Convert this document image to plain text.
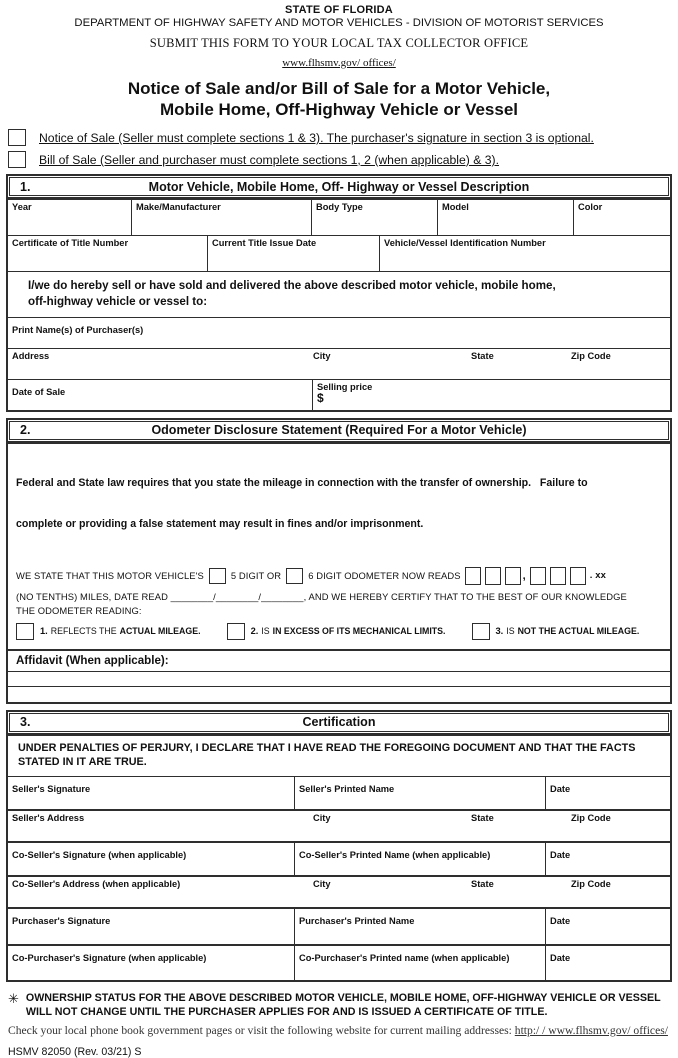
STATE OF FLORIDA
DEPARTMENT OF HIGHWAY SAFETY AND MOTOR VEHICLES - DIVISION OF MOTORIST SERVICES
SUBMIT THIS FORM TO YOUR LOCAL TAX COLLECTOR OFFICE
www.flhsmv.gov/ offices/
Notice of Sale and/or Bill of Sale for a Motor Vehicle,
Mobile Home, Off-Highway Vehicle or Vessel
Notice of Sale (Seller must complete sections 1 & 3). The purchaser's signature in section 3 is optional.
Bill of Sale (Seller and purchaser must complete sections 1, 2 (when applicable) & 3).
Motor Vehicle, Mobile Home, Off- Highway or Vessel Description
1.
Year	Make/Manufacturer	Body Type	Model	Color
Certificate of Title Number	Current Title Issue Date	Vehicle/Vessel Identification Number
I/we do hereby sell or have sold and delivered the above described motor vehicle, mobile home,
off-highway vehicle or vessel to:
Print Name(s) of Purchaser(s)
Address	City	State	Zip Code
Date of Sale	Selling price
$
Odometer Disclosure Statement (Required For a Motor Vehicle)
2.

Federal and State law requires that you state the mileage in connection with the transfer of ownership.   Failure to

complete or providing a false statement may result in fines and/or imprisonment.

WE STATE THAT THIS MOTOR VEHICLE'S	5 DIGIT OR	6 DIGIT ODOMETER NOW READS	,	. xx
(NO TENTHS) MILES, DATE READ ________/________/________, AND WE HEREBY CERTIFY THAT TO THE BEST OF OUR KNOWLEDGE
THE ODOMETER READING:
1. REFLECTS THE ACTUAL MILEAGE.	2. IS IN EXCESS OF ITS MECHANICAL LIMITS.	3. IS NOT THE ACTUAL MILEAGE.
Affidavit (When applicable):
Certification
3.
UNDER PENALTIES OF PERJURY, I DECLARE THAT I HAVE READ THE FOREGOING DOCUMENT AND THAT THE FACTS
STATED IN IT ARE TRUE.
Seller's Signature	Seller's Printed Name	Date
Seller's Address	City	State	Zip Code
Co-Seller's Signature (when applicable)	Co-Seller's Printed Name (when applicable)	Date
Co-Seller's Address (when applicable)	City	State	Zip Code
Purchaser's Signature	Purchaser's Printed Name	Date
Co-Purchaser's Signature (when applicable)	Co-Purchaser's Printed name (when applicable)	Date
✳ OWNERSHIP STATUS FOR THE ABOVE DESCRIBED MOTOR VEHICLE, MOBILE HOME, OFF-HIGHWAY VEHICLE OR VESSEL
WILL NOT CHANGE UNTIL THE PURCHASER APPLIES FOR AND IS ISSUED A CERTIFICATE OF TITLE.
Check your local phone book government pages or visit the following website for current mailing addresses: http:/ / www.flhsmv.gov/ offices/
HSMV 82050 (Rev. 03/21) S
